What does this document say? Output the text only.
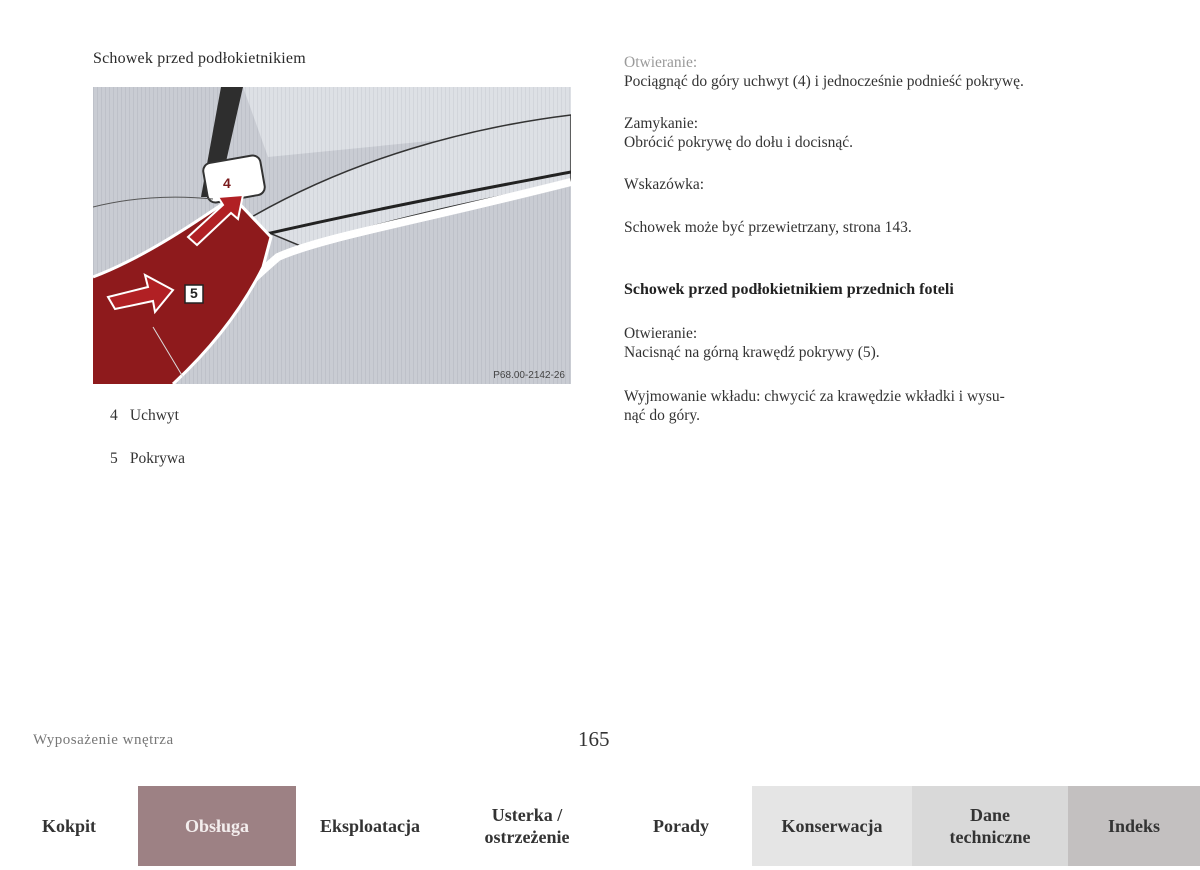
Schowek przed podłokietnikiem
4
5
P68.00-2142-26
4 Uchwyt
5 Pokrywa
Otwieranie:
Pociągnąć do góry uchwyt (4) i jednocześnie podnieść pokrywę.
Zamykanie:
Obrócić pokrywę do dołu i docisnąć.
Wskazówka:
Schowek może być przewietrzany, strona 143.
Schowek przed podłokietnikiem przednich foteli
Otwieranie:
Nacisnąć na górną krawędź pokrywy (5).
Wyjmowanie wkładu: chwycić za krawędzie wkładki i wysu-
nąć do góry.
Wyposażenie wnętrza	165
Kokpit	Obsługa	Eksploatacja
Usterka /
ostrzeżenie
Porady	Konserwacja
Dane
techniczne
Indeks
